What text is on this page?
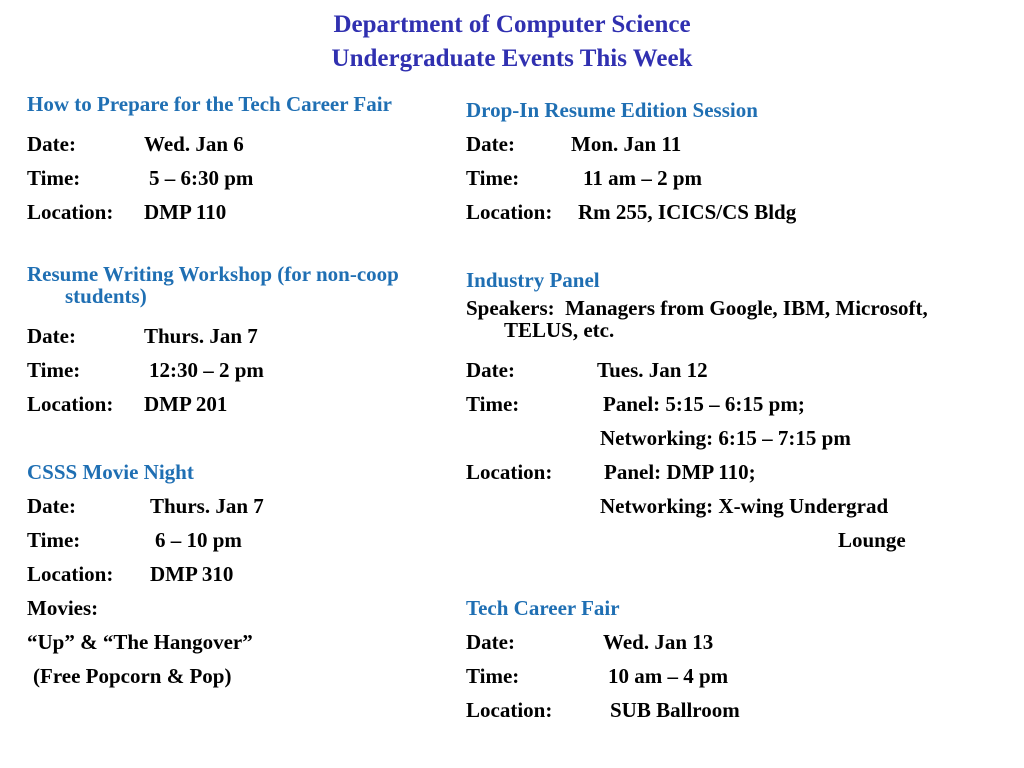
Department of Computer Science
Undergraduate Events This Week
How to Prepare for the Tech Career Fair
Date:	Wed. Jan 6
Time:	5 – 6:30 pm
Location:	DMP 110
Resume Writing Workshop (for non-coop students)
Date:	Thurs. Jan 7
Time:	12:30 – 2 pm
Location:	DMP 201
CSSS Movie Night
Date:	Thurs. Jan 7
Time:	6 – 10 pm
Location:	DMP 310
Movies:
“Up” & “The Hangover”
(Free Popcorn & Pop)
Drop-In Resume Edition Session
Date:	Mon. Jan 11
Time:	11 am – 2 pm
Location:	Rm 255, ICICS/CS Bldg
Industry Panel
Speakers: Managers from Google, IBM, Microsoft, TELUS, etc.
Date:	Tues. Jan 12
Time:	Panel: 5:15 – 6:15 pm;
Networking: 6:15 – 7:15 pm
Location:	Panel: DMP 110;
Networking: X-wing Undergrad
Lounge
Tech Career Fair
Date:	Wed. Jan 13
Time:	10 am – 4 pm
Location:	SUB Ballroom
